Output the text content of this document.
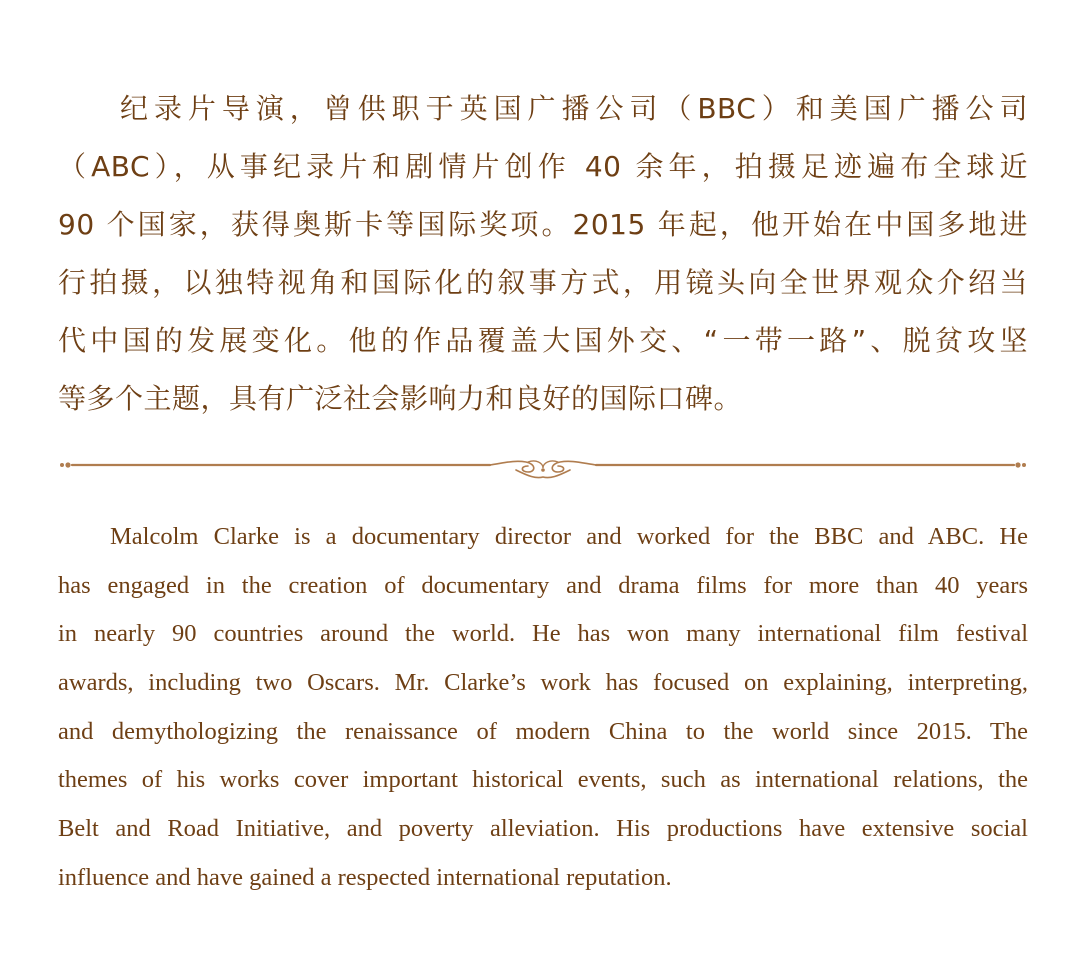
纪录片导演，曾供职于英国广播公司（BBC）和美国广播公司
（ABC），从事纪录片和剧情片创作 40 余年，拍摄足迹遍布全球近
90 个国家，获得奥斯卡等国际奖项。2015 年起，他开始在中国多地进
行拍摄，以独特视角和国际化的叙事方式，用镜头向全世界观众介绍当
代中国的发展变化。他的作品覆盖大国外交、“一带一路”、脱贫攻坚
等多个主题，具有广泛社会影响力和良好的国际口碑。
Malcolm Clarke is a documentary director and worked for the BBC and ABC. He
has engaged in the creation of documentary and drama films for more than 40 years
in nearly 90 countries around the world. He has won many international film festival
awards, including two Oscars. Mr. Clarke’s work has focused on explaining, interpreting,
and demythologizing the renaissance of modern China to the world since 2015. The
themes of his works cover important historical events, such as international relations, the
Belt and Road Initiative, and poverty alleviation. His productions have extensive social
influence and have gained a respected international reputation.
